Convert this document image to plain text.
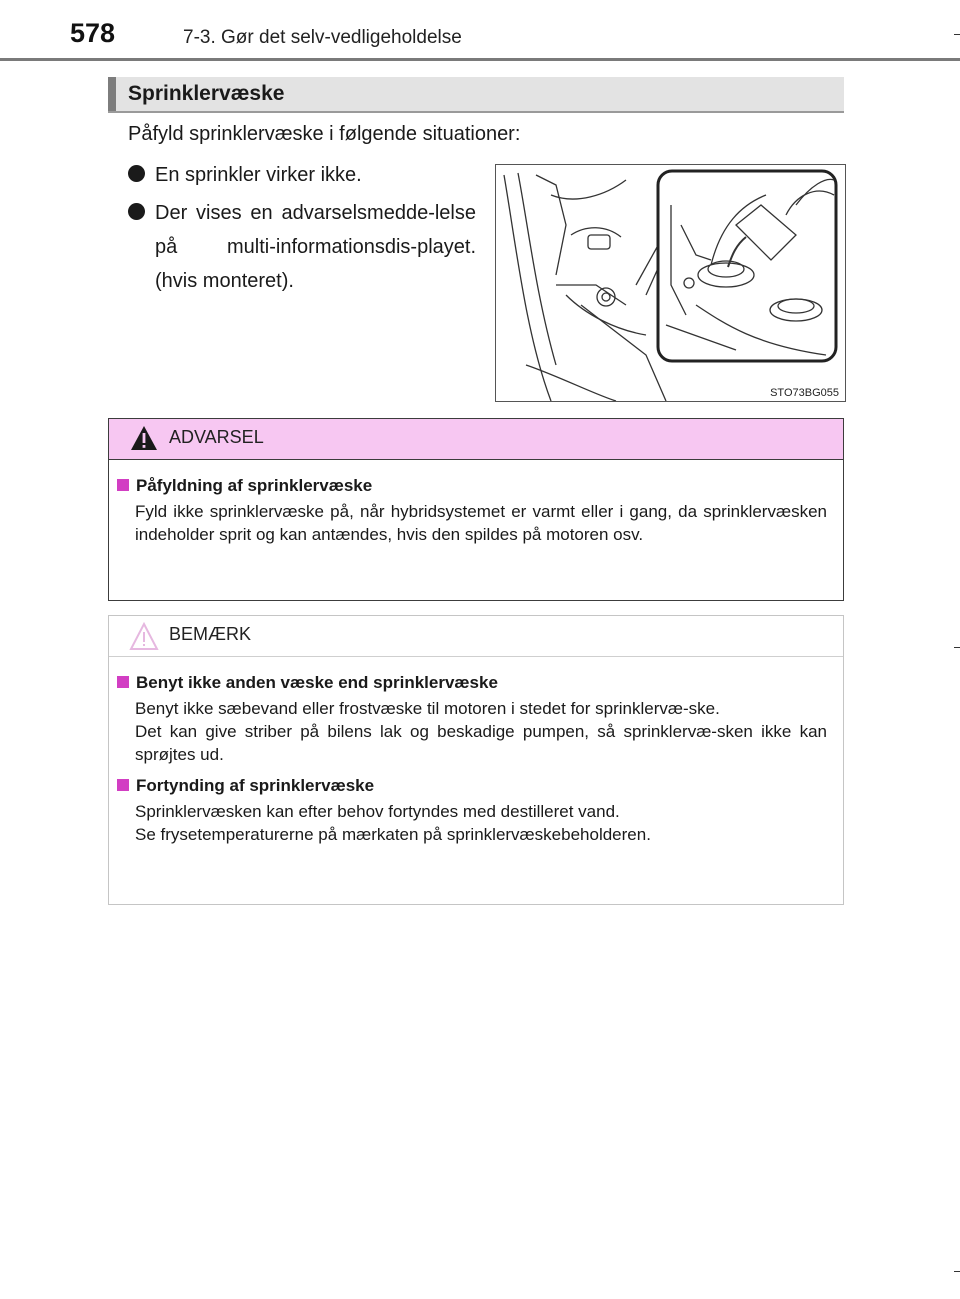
578	7-3. Gør det selv-vedligeholdelse
Sprinklervæske
Påfyld sprinklervæske i følgende situationer:
En sprinkler virker ikke.
Der vises en advarselsmedde-lelse på multi-informationsdis-playet. (hvis monteret).
STO73BG055
ADVARSEL
Påfyldning af sprinklervæske

Fyld ikke sprinklervæske på, når hybridsystemet er varmt eller i gang, da sprinklervæsken indeholder sprit og kan antændes, hvis den spildes på motoren osv.

BEMÆRK
Benyt ikke anden væske end sprinklervæske

Benyt ikke sæbevand eller frostvæske til motoren i stedet for sprinklervæ-ske.

Det kan give striber på bilens lak og beskadige pumpen, så sprinklervæ-sken ikke kan sprøjtes ud.

Fortynding af sprinklervæske

Sprinklervæsken kan efter behov fortyndes med destilleret vand.

Se frysetemperaturerne på mærkaten på sprinklervæskebeholderen.
